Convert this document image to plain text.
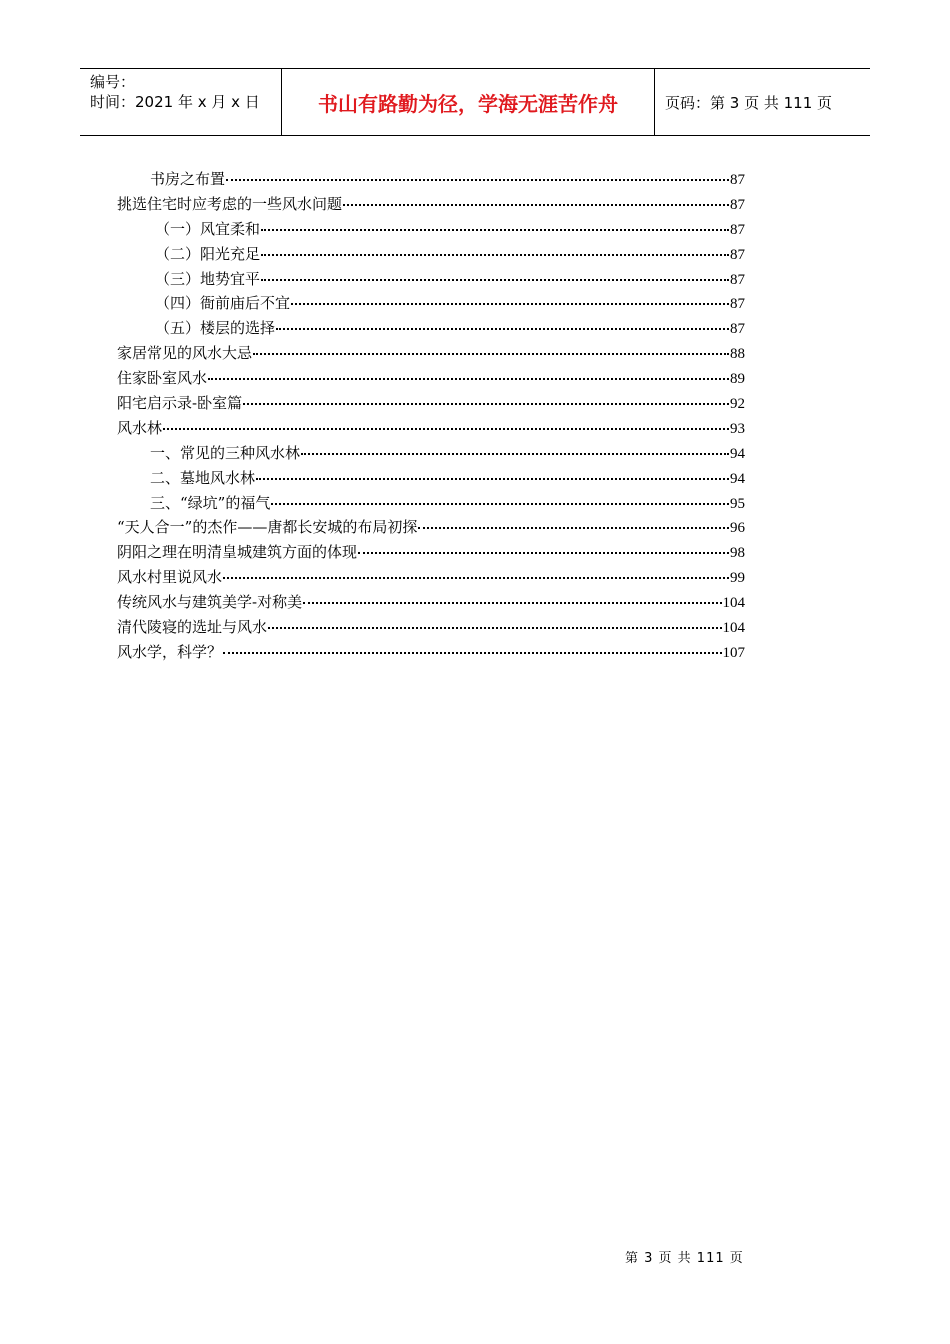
编号：
时间：2021 年 x 月 x 日	书山有路勤为径，学海无涯苦作舟	页码：第 3 页 共 111 页
书房之布置	87
挑选住宅时应考虑的一些风水问题	87
（一）风宜柔和	87
（二）阳光充足	87
（三）地势宜平	87
（四）衙前庙后不宜	87
（五）楼层的选择	87
家居常见的风水大忌	88
住家卧室风水	89
阳宅启示录-卧室篇	92
风水林	93
一、常见的三种风水林	94
二、墓地风水林	94
三、“绿坑”的福气	95
“天人合一”的杰作——唐都长安城的布局初探	96
阴阳之理在明清皇城建筑方面的体现	98
风水村里说风水	99
传统风水与建筑美学-对称美	104
清代陵寝的选址与风水	104
风水学，科学？	107
第 3 页 共 111 页
